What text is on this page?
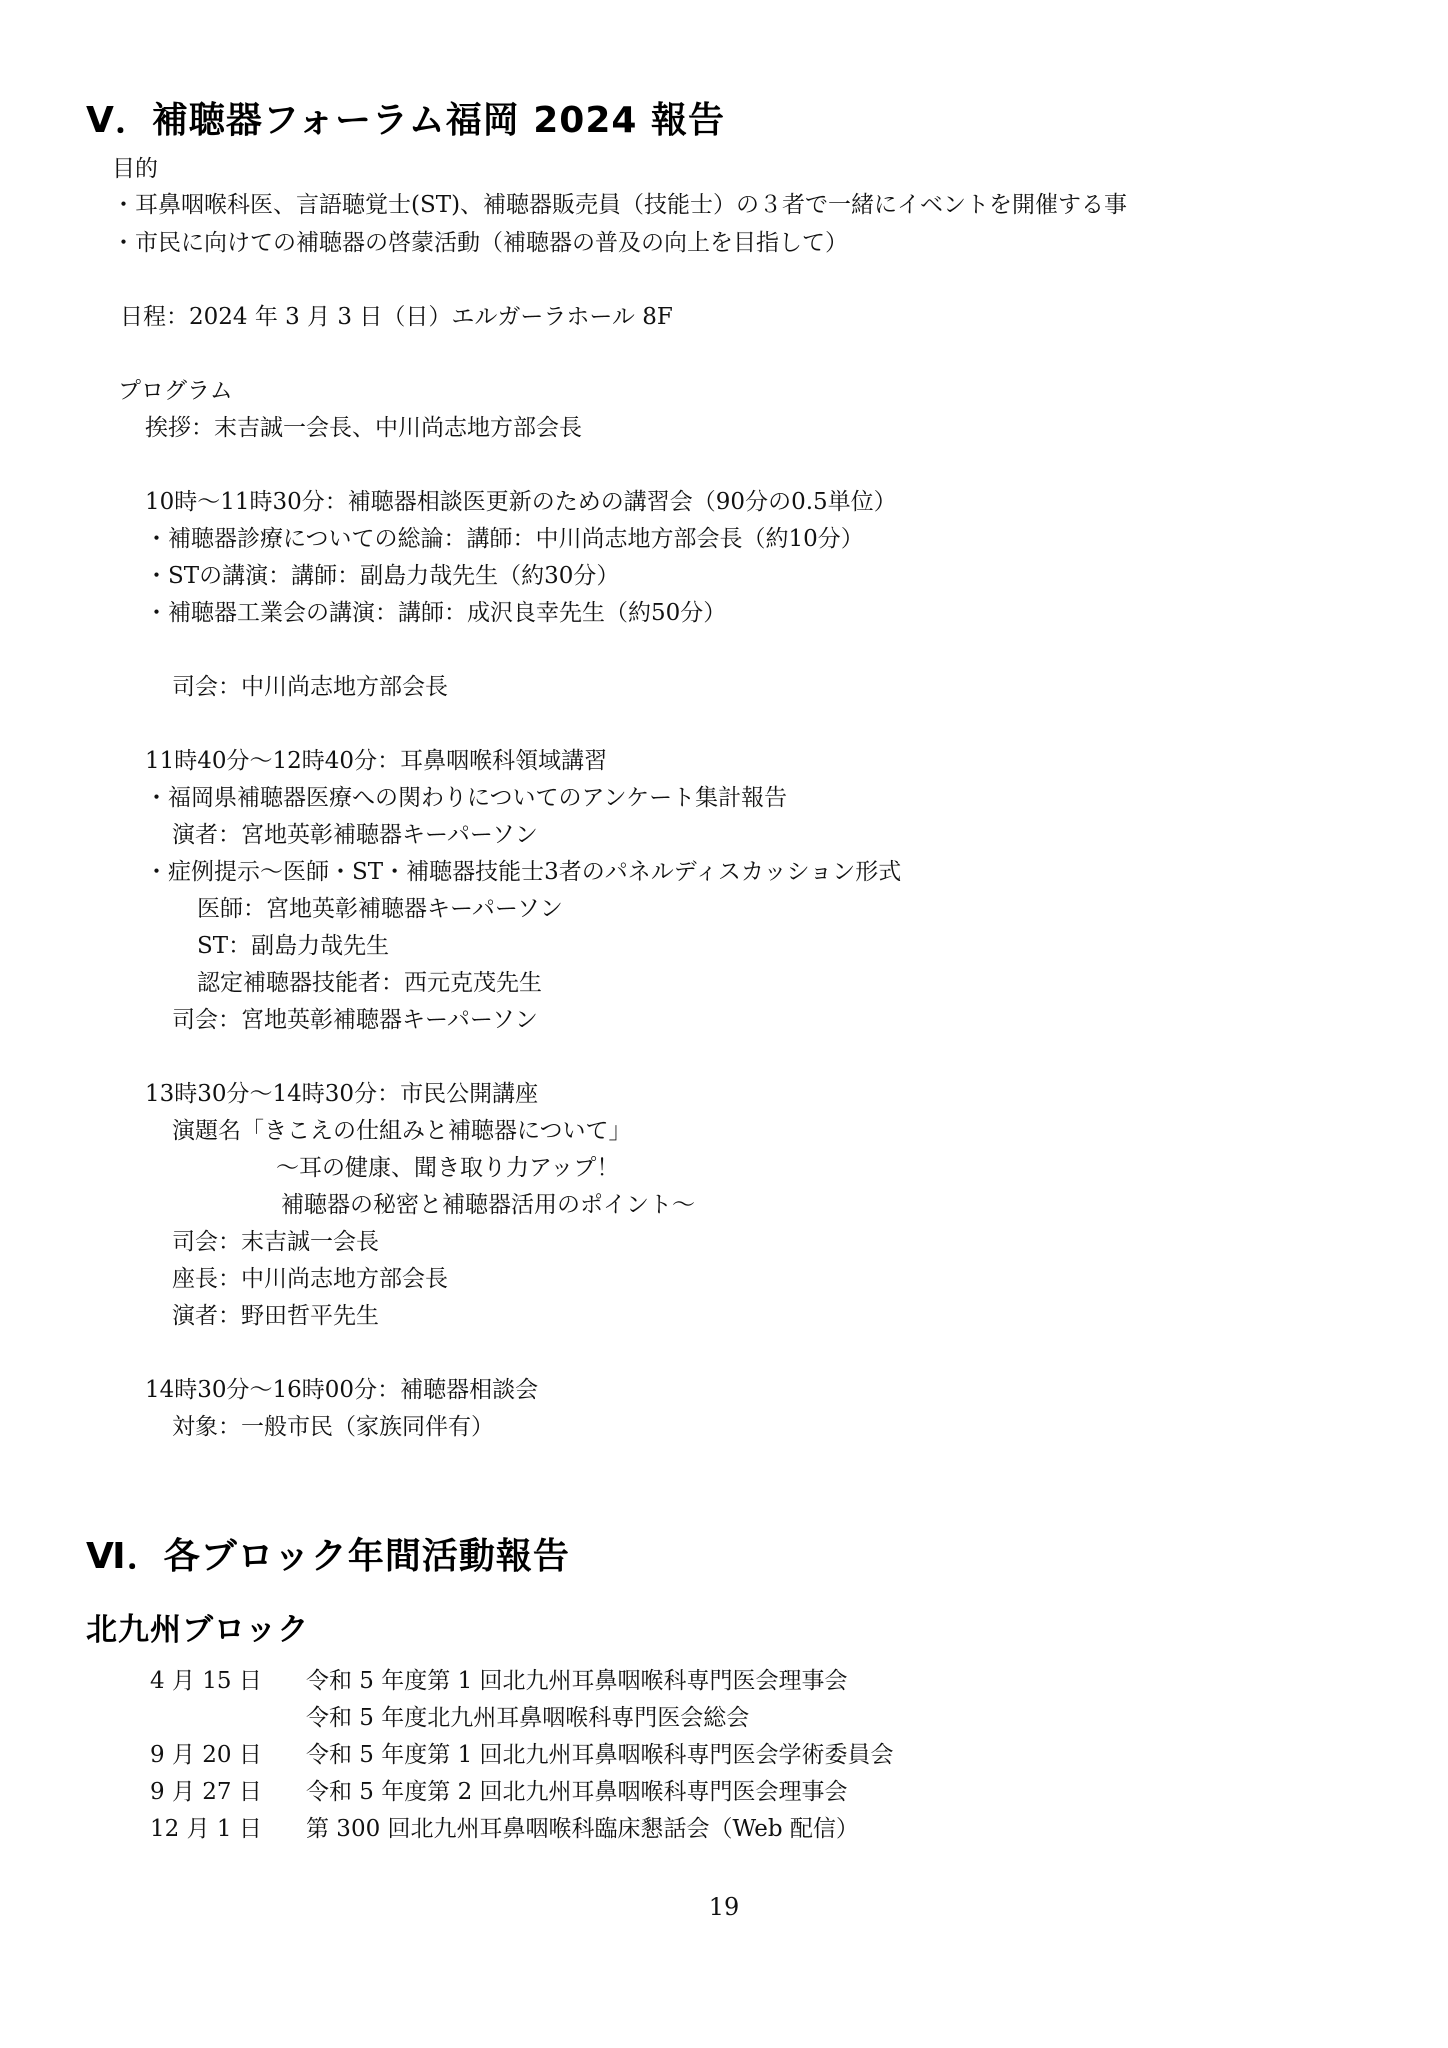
Ⅴ．補聴器フォーラム福岡 2024 報告
目的
・耳鼻咽喉科医、言語聴覚士(ST)、補聴器販売員（技能士）の３者で一緒にイベントを開催する事
・市民に向けての補聴器の啓蒙活動（補聴器の普及の向上を目指して）
日程：2024 年 3 月 3 日（日）エルガーラホール 8F
プログラム
挨拶：末吉誠一会長、中川尚志地方部会長
10時～11時30分：補聴器相談医更新のための講習会（90分の0.5単位）
・補聴器診療についての総論：講師：中川尚志地方部会長（約10分）
・STの講演：講師：副島力哉先生（約30分）
・補聴器工業会の講演：講師：成沢良幸先生（約50分）
司会：中川尚志地方部会長
11時40分～12時40分：耳鼻咽喉科領域講習
・福岡県補聴器医療への関わりについてのアンケート集計報告
演者：宮地英彰補聴器キーパーソン
・症例提示～医師・ST・補聴器技能士3者のパネルディスカッション形式
医師：宮地英彰補聴器キーパーソン
ST：副島力哉先生
認定補聴器技能者：西元克茂先生
司会：宮地英彰補聴器キーパーソン
13時30分～14時30分：市民公開講座
演題名「きこえの仕組みと補聴器について」
～耳の健康、聞き取り力アップ！
補聴器の秘密と補聴器活用のポイント～
司会：末吉誠一会長
座長：中川尚志地方部会長
演者：野田哲平先生
14時30分～16時00分：補聴器相談会
対象：一般市民（家族同伴有）
Ⅵ．各ブロック年間活動報告
北九州ブロック
4 月 15 日 令和 5 年度第 1 回北九州耳鼻咽喉科専門医会理事会
令和 5 年度北九州耳鼻咽喉科専門医会総会
9 月 20 日 令和 5 年度第 1 回北九州耳鼻咽喉科専門医会学術委員会
9 月 27 日 令和 5 年度第 2 回北九州耳鼻咽喉科専門医会理事会
12 月 1 日 第 300 回北九州耳鼻咽喉科臨床懇話会（Web 配信）
19
